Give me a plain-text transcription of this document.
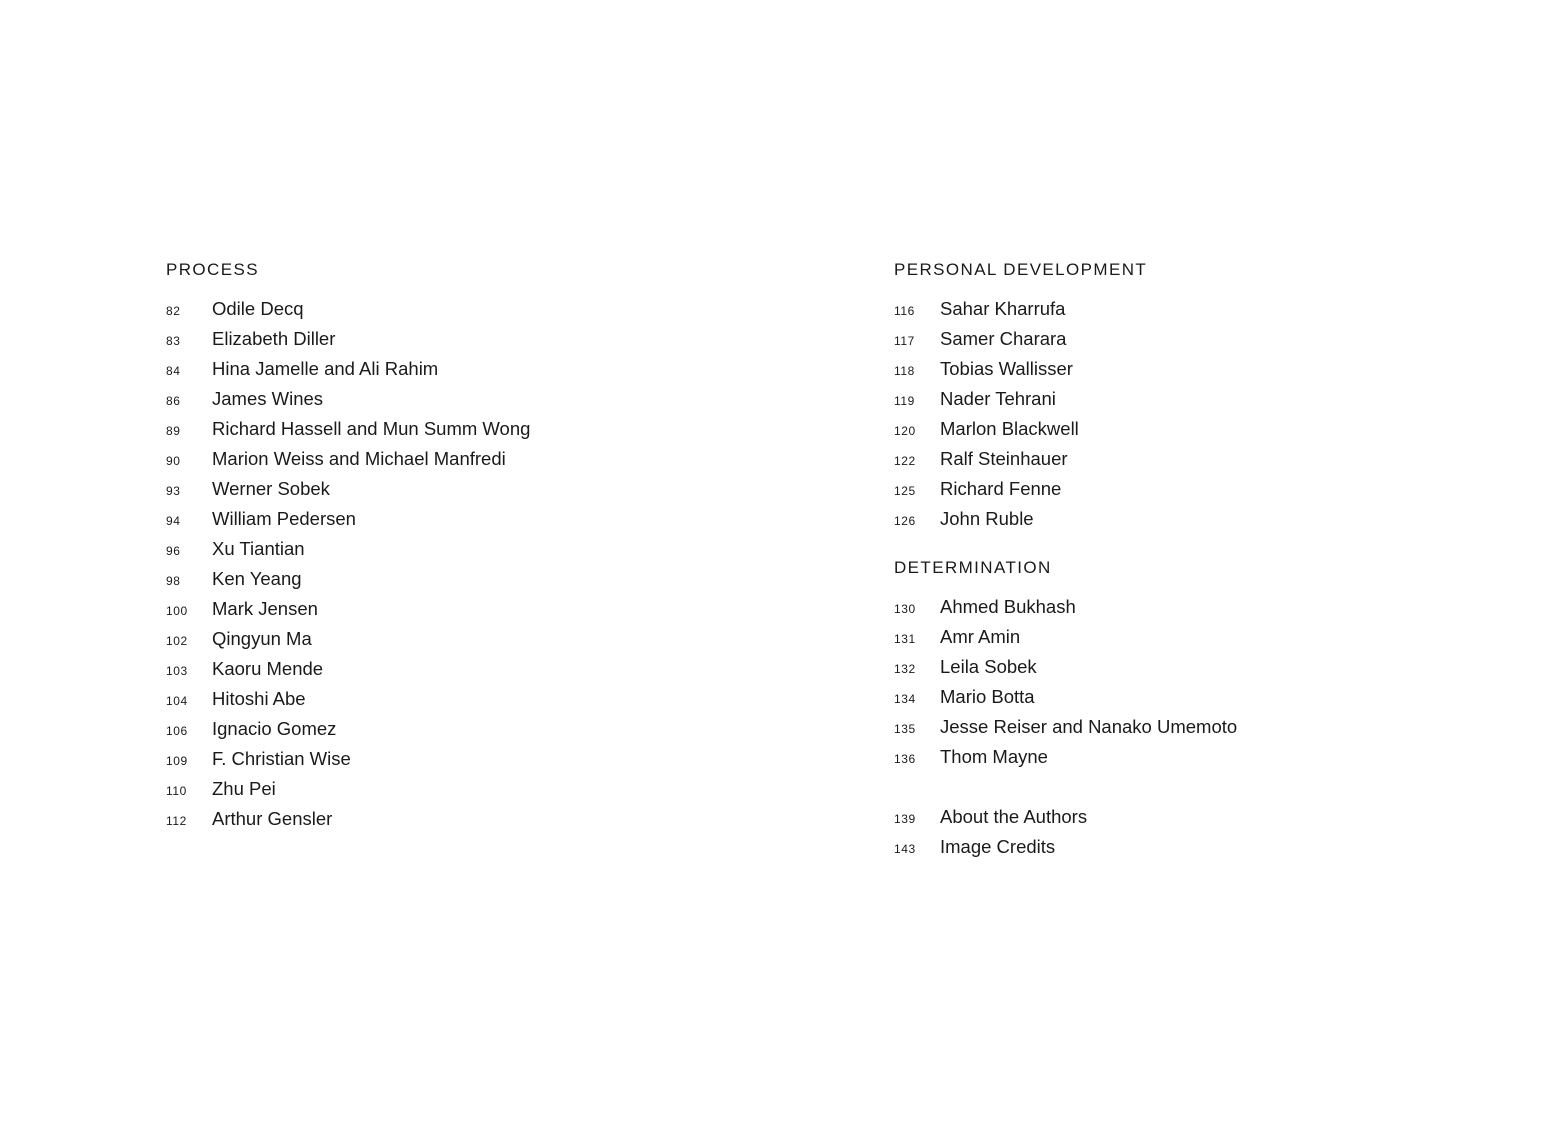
PROCESS
82 Odile Decq
83 Elizabeth Diller
84 Hina Jamelle and Ali Rahim
86 James Wines
89 Richard Hassell and Mun Summ Wong
90 Marion Weiss and Michael Manfredi
93 Werner Sobek
94 William Pedersen
96 Xu Tiantian
98 Ken Yeang
100 Mark Jensen
102 Qingyun Ma
103 Kaoru Mende
104 Hitoshi Abe
106 Ignacio Gomez
109 F. Christian Wise
110 Zhu Pei
112 Arthur Gensler
PERSONAL DEVELOPMENT
116 Sahar Kharrufa
117 Samer Charara
118 Tobias Wallisser
119 Nader Tehrani
120 Marlon Blackwell
122 Ralf Steinhauer
125 Richard Fenne
126 John Ruble
DETERMINATION
130 Ahmed Bukhash
131 Amr Amin
132 Leila Sobek
134 Mario Botta
135 Jesse Reiser and Nanako Umemoto
136 Thom Mayne
139 About the Authors
143 Image Credits
